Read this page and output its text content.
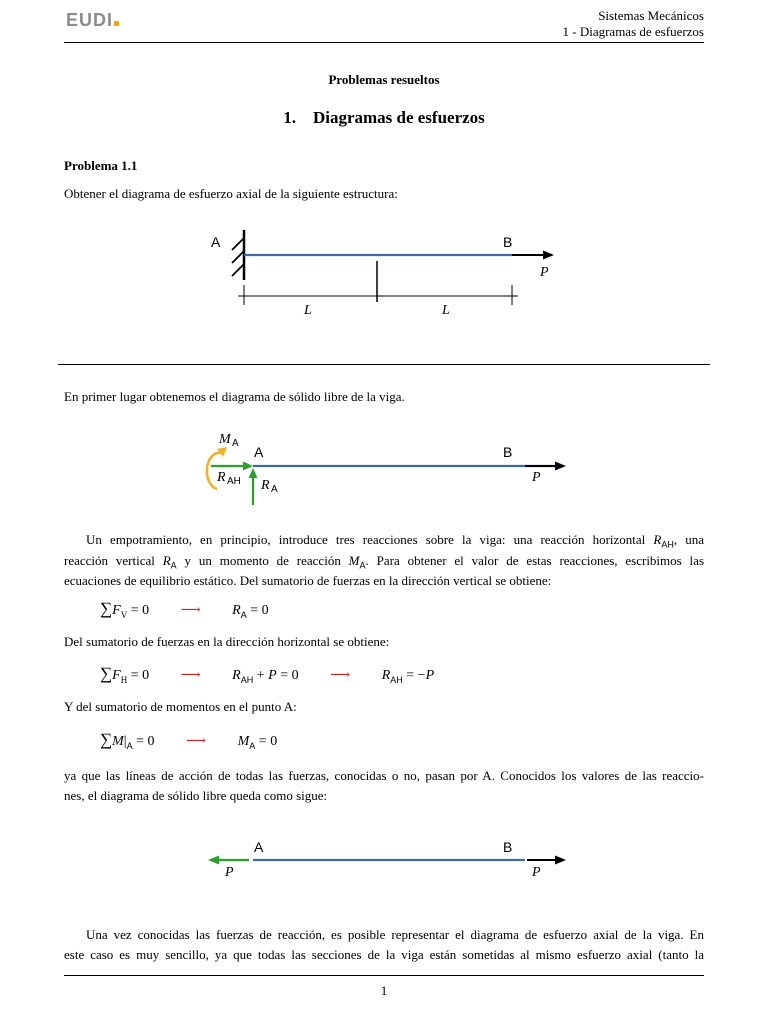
EUDI	Sistemas Mecánicos
1 - Diagramas de esfuerzos
Problemas resueltos
1.    Diagramas de esfuerzos
Problema 1.1
Obtener el diagrama de esfuerzo axial de la siguiente estructura:
A	B
P
L	L
En primer lugar obtenemos el diagrama de sólido libre de la viga.
M A
A	B
R AH R A
P
Un empotramiento, en principio, introduce tres reacciones sobre la viga: una reacción horizontal $R_{AH}$, una
reacción vertical $R_A$ y un momento de reacción $M_A$. Para obtener el valor de estas reacciones, escribimos las
ecuaciones de equilibrio estático. Del sumatorio de fuerzas en la dirección vertical se obtiene:
$\sum F_V = 0$ ⟶ $R_A = 0$
Del sumatorio de fuerzas en la dirección horizontal se obtiene:
$\sum F_H = 0$ ⟶ $R_{AH} + P = 0$ ⟶ $R_{AH} = -P$
Y del sumatorio de momentos en el punto A:
$\sum M|_A = 0$ ⟶ $M_A = 0$
ya que las líneas de acción de todas las fuerzas, conocidas o no, pasan por A. Conocidos los valores de las reaccio-
nes, el diagrama de sólido libre queda como sigue:
A	B
P	P
Una vez conocidas las fuerzas de reacción, es posible representar el diagrama de esfuerzo axial de la viga. En
este caso es muy sencillo, ya que todas las secciones de la viga están sometidas al mismo esfuerzo axial (tanto la
1
